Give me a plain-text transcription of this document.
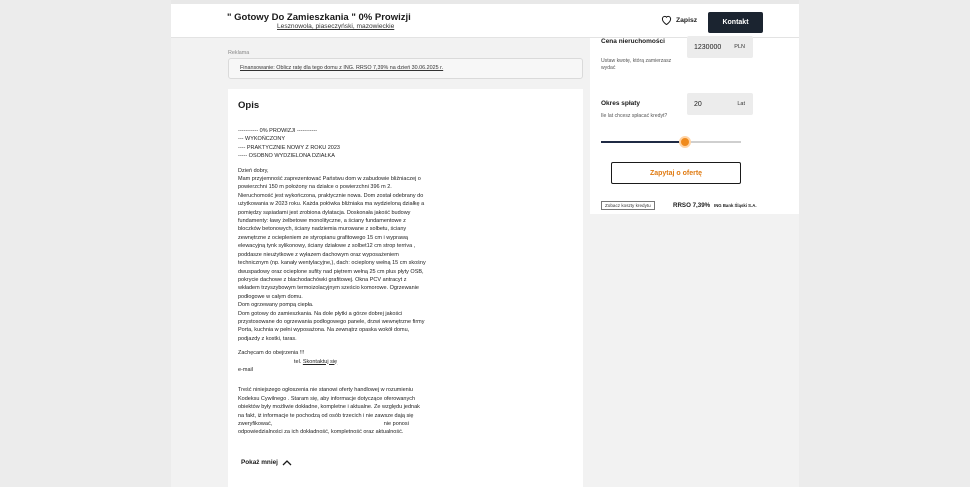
" Gotowy Do Zamieszkania " 0% Prowizji
Lesznowola, piaseczyński, mazowieckie
Zapisz	Kontakt
Reklama
Finansowanie: Oblicz ratę dla tego domu z ING. RRSO 7,39% na dzień 30.06.2025 r.
Opis
----------- 0% PROWIZJI -----------
--- WYKOŃCZONY
---- PRAKTYCZNIE NOWY Z ROKU 2023
----- OSOBNO WYDZIELONA DZIAŁKA
Dzień dobry,
Mam przyjemność zaprezentować Państwu dom w zabudowie bliźniaczej o
powierzchni 150 m położony na działce o powierzchni 396 m 2.
Nieruchomość jest wykończona, praktycznie nowa. Dom został odebrany do
użytkowania w 2023 roku. Każda połówka bliźniaka ma wydzieloną działkę a
pomiędzy sąsiadami jest zrobiona dylatacja. Doskonała jakość budowy
fundamenty: ławy żelbetowe monolityczne, a ściany fundamentowe z
bloczków betonowych, ściany nadziemia murowane z solbetu, ściany
zewnętrzne z ociepleniem ze styropianu grafitowego 15 cm i wyprawą
elewacyjną tynk sylikonowy, ściany działowe z solbet12 cm strop terriva ,
poddasze nieużytkowe z wyłazem dachowym oraz wyposażeniem
technicznym (np. kanały wentylacyjne,), dach: ocieplony wełną 15 cm skośny
dwuspadowy oraz ocieplone sufity nad piętrem wełną 25 cm plus płyty OSB,
pokrycie dachowe z blachodachówki grafitowej. Okna PCV antracyt z
wkładem trzyszybowym termoizolacyjnym sześcio komorowe. Ogrzewanie
podłogowe w całym domu.
Dom ogrzewany pompą ciepła.
Dom gotowy do zamieszkania. Na dole płytki a górze dobrej jakości
przystosowane do ogrzewania podłogowego panele, drzwi wewnętrzne firmy
Porta, kuchnia w pełni wyposażona. Na zewnątrz opaska wokół domu,
podjazdy z kostki, taras.
Zachęcam do obejrzenia !!!
tel. Skontaktuj się
e-mail
Treść niniejszego ogłoszenia nie stanowi oferty handlowej w rozumieniu
Kodeksu Cywilnego . Staram się, aby informacje dotyczące oferowanych
obiektów były możliwie dokładne, kompletne i aktualne. Ze względu jednak
na fakt, iż informacje te pochodzą od osób trzecich i nie zawsze dają się
zweryfikować,	nie ponosi
odpowiedzialności za ich dokładność, kompletność oraz aktualność.
Pokaż mniej
Cena nieruchomości
Ustaw kwotę, którą zamierzasz wydać
1230000 PLN
Okres spłaty
Ile lat chcesz spłacać kredyt?
20	Lat
Zapytaj o ofertę
Zobacz koszty kredytu	RRSO 7,39% ING Bank Śląski S.A.
